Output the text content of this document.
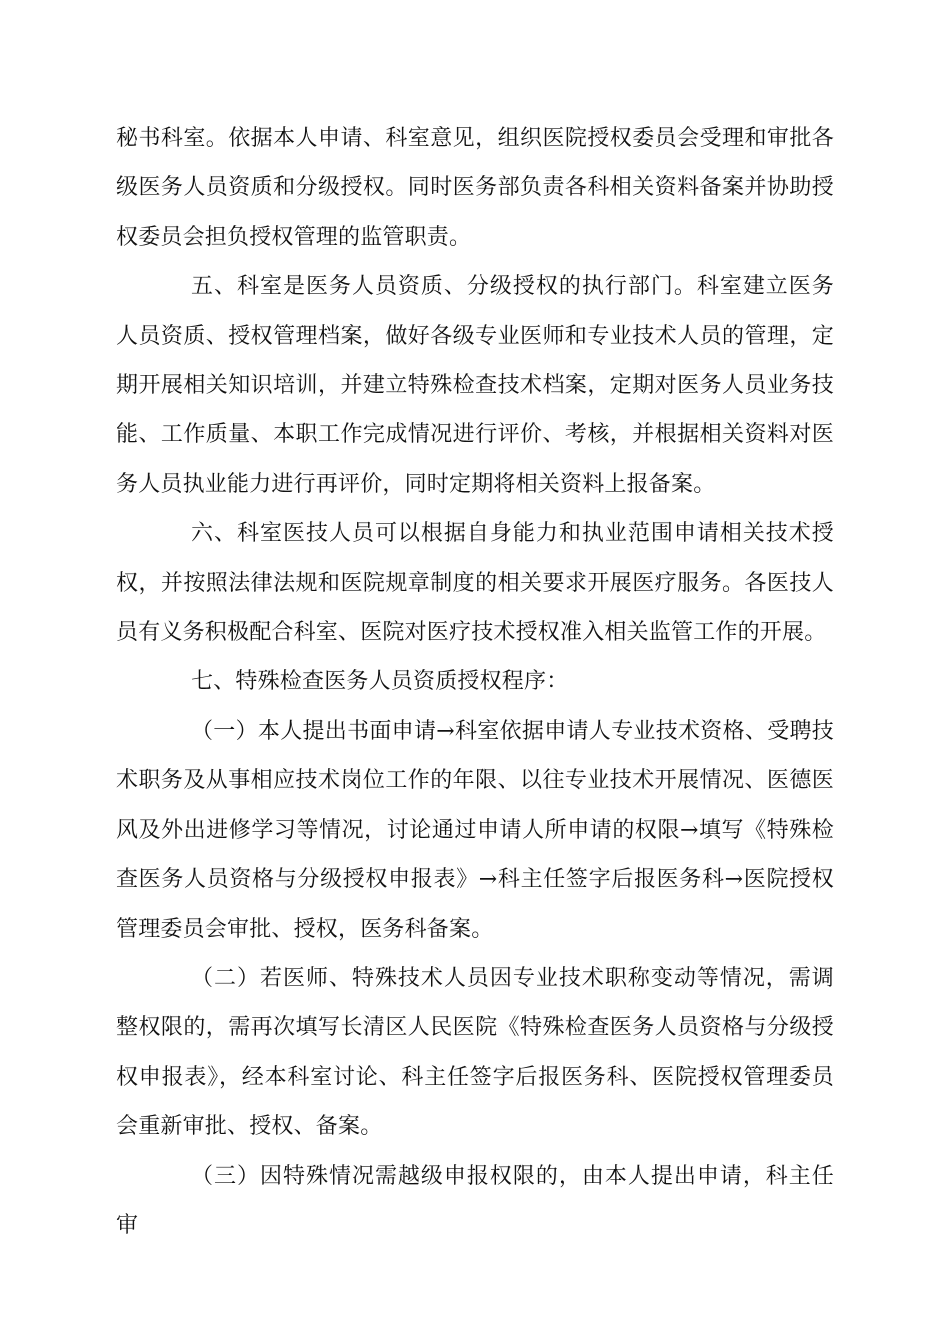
秘书科室。依据本人申请、科室意见，组织医院授权委员会受理和审批各级医务人员资质和分级授权。同时医务部负责各科相关资料备案并协助授权委员会担负授权管理的监管职责。

五、科室是医务人员资质、分级授权的执行部门。科室建立医务人员资质、授权管理档案，做好各级专业医师和专业技术人员的管理，定期开展相关知识培训，并建立特殊检查技术档案，定期对医务人员业务技能、工作质量、本职工作完成情况进行评价、考核，并根据相关资料对医务人员执业能力进行再评价，同时定期将相关资料上报备案。

六、科室医技人员可以根据自身能力和执业范围申请相关技术授权，并按照法律法规和医院规章制度的相关要求开展医疗服务。各医技人员有义务积极配合科室、医院对医疗技术授权准入相关监管工作的开展。

七、特殊检查医务人员资质授权程序：

（一）本人提出书面申请→科室依据申请人专业技术资格、受聘技术职务及从事相应技术岗位工作的年限、以往专业技术开展情况、医德医风及外出进修学习等情况，讨论通过申请人所申请的权限→填写《特殊检查医务人员资格与分级授权申报表》→科主任签字后报医务科→医院授权管理委员会审批、授权，医务科备案。

（二）若医师、特殊技术人员因专业技术职称变动等情况，需调整权限的，需再次填写长清区人民医院《特殊检查医务人员资格与分级授权申报表》，经本科室讨论、科主任签字后报医务科、医院授权管理委员会重新审批、授权、备案。

（三）因特殊情况需越级申报权限的，由本人提出申请，科主任审
